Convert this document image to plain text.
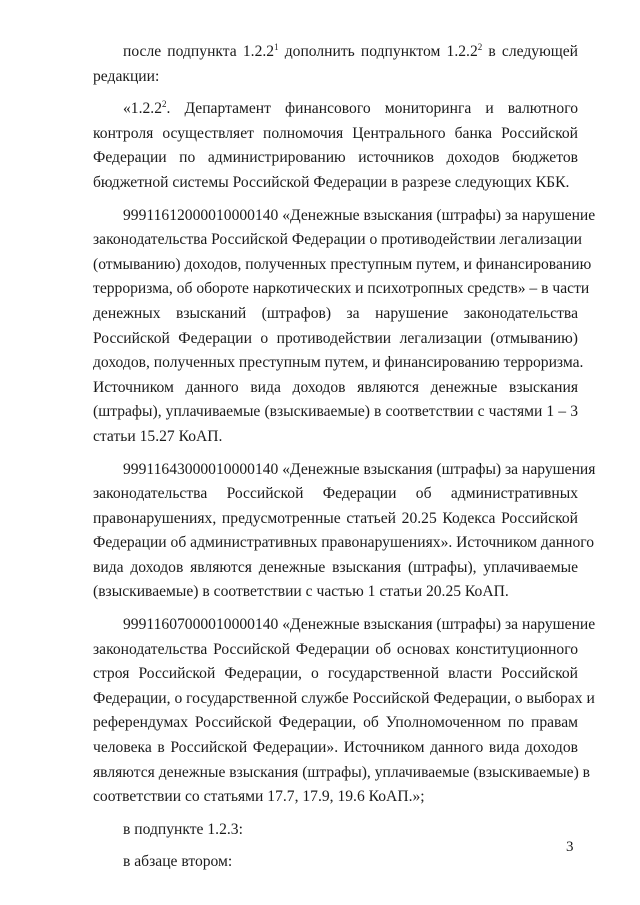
после подпункта 1.2.2$^1$ дополнить подпунктом 1.2.2$^2$ в следующей
редакции:
«1.2.2$^2$. Департамент финансового мониторинга и валютного
контроля осуществляет полномочия Центрального банка Российской
Федерации по администрированию источников доходов бюджетов
бюджетной системы Российской Федерации в разрезе следующих КБК.
99911612000010000140 «Денежные взыскания (штрафы) за нарушение
законодательства Российской Федерации о противодействии легализации
(отмыванию) доходов, полученных преступным путем, и финансированию
терроризма, об обороте наркотических и психотропных средств» – в части
денежных взысканий (штрафов) за нарушение законодательства
Российской Федерации о противодействии легализации (отмыванию)
доходов, полученных преступным путем, и финансированию терроризма.
Источником данного вида доходов являются денежные взыскания
(штрафы), уплачиваемые (взыскиваемые) в соответствии с частями 1 – 3
статьи 15.27 КоАП.
99911643000010000140 «Денежные взыскания (штрафы) за нарушения
законодательства Российской Федерации об административных
правонарушениях, предусмотренные статьей 20.25 Кодекса Российской
Федерации об административных правонарушениях». Источником данного
вида доходов являются денежные взыскания (штрафы), уплачиваемые
(взыскиваемые) в соответствии с частью 1 статьи 20.25 КоАП.
99911607000010000140 «Денежные взыскания (штрафы) за нарушение
законодательства Российской Федерации об основах конституционного
строя Российской Федерации, о государственной власти Российской
Федерации, о государственной службе Российской Федерации, о выборах и
референдумах Российской Федерации, об Уполномоченном по правам
человека в Российской Федерации». Источником данного вида доходов
являются денежные взыскания (штрафы), уплачиваемые (взыскиваемые) в
соответствии со статьями 17.7, 17.9, 19.6 КоАП.»;
в подпункте 1.2.3:
в абзаце втором:
3
